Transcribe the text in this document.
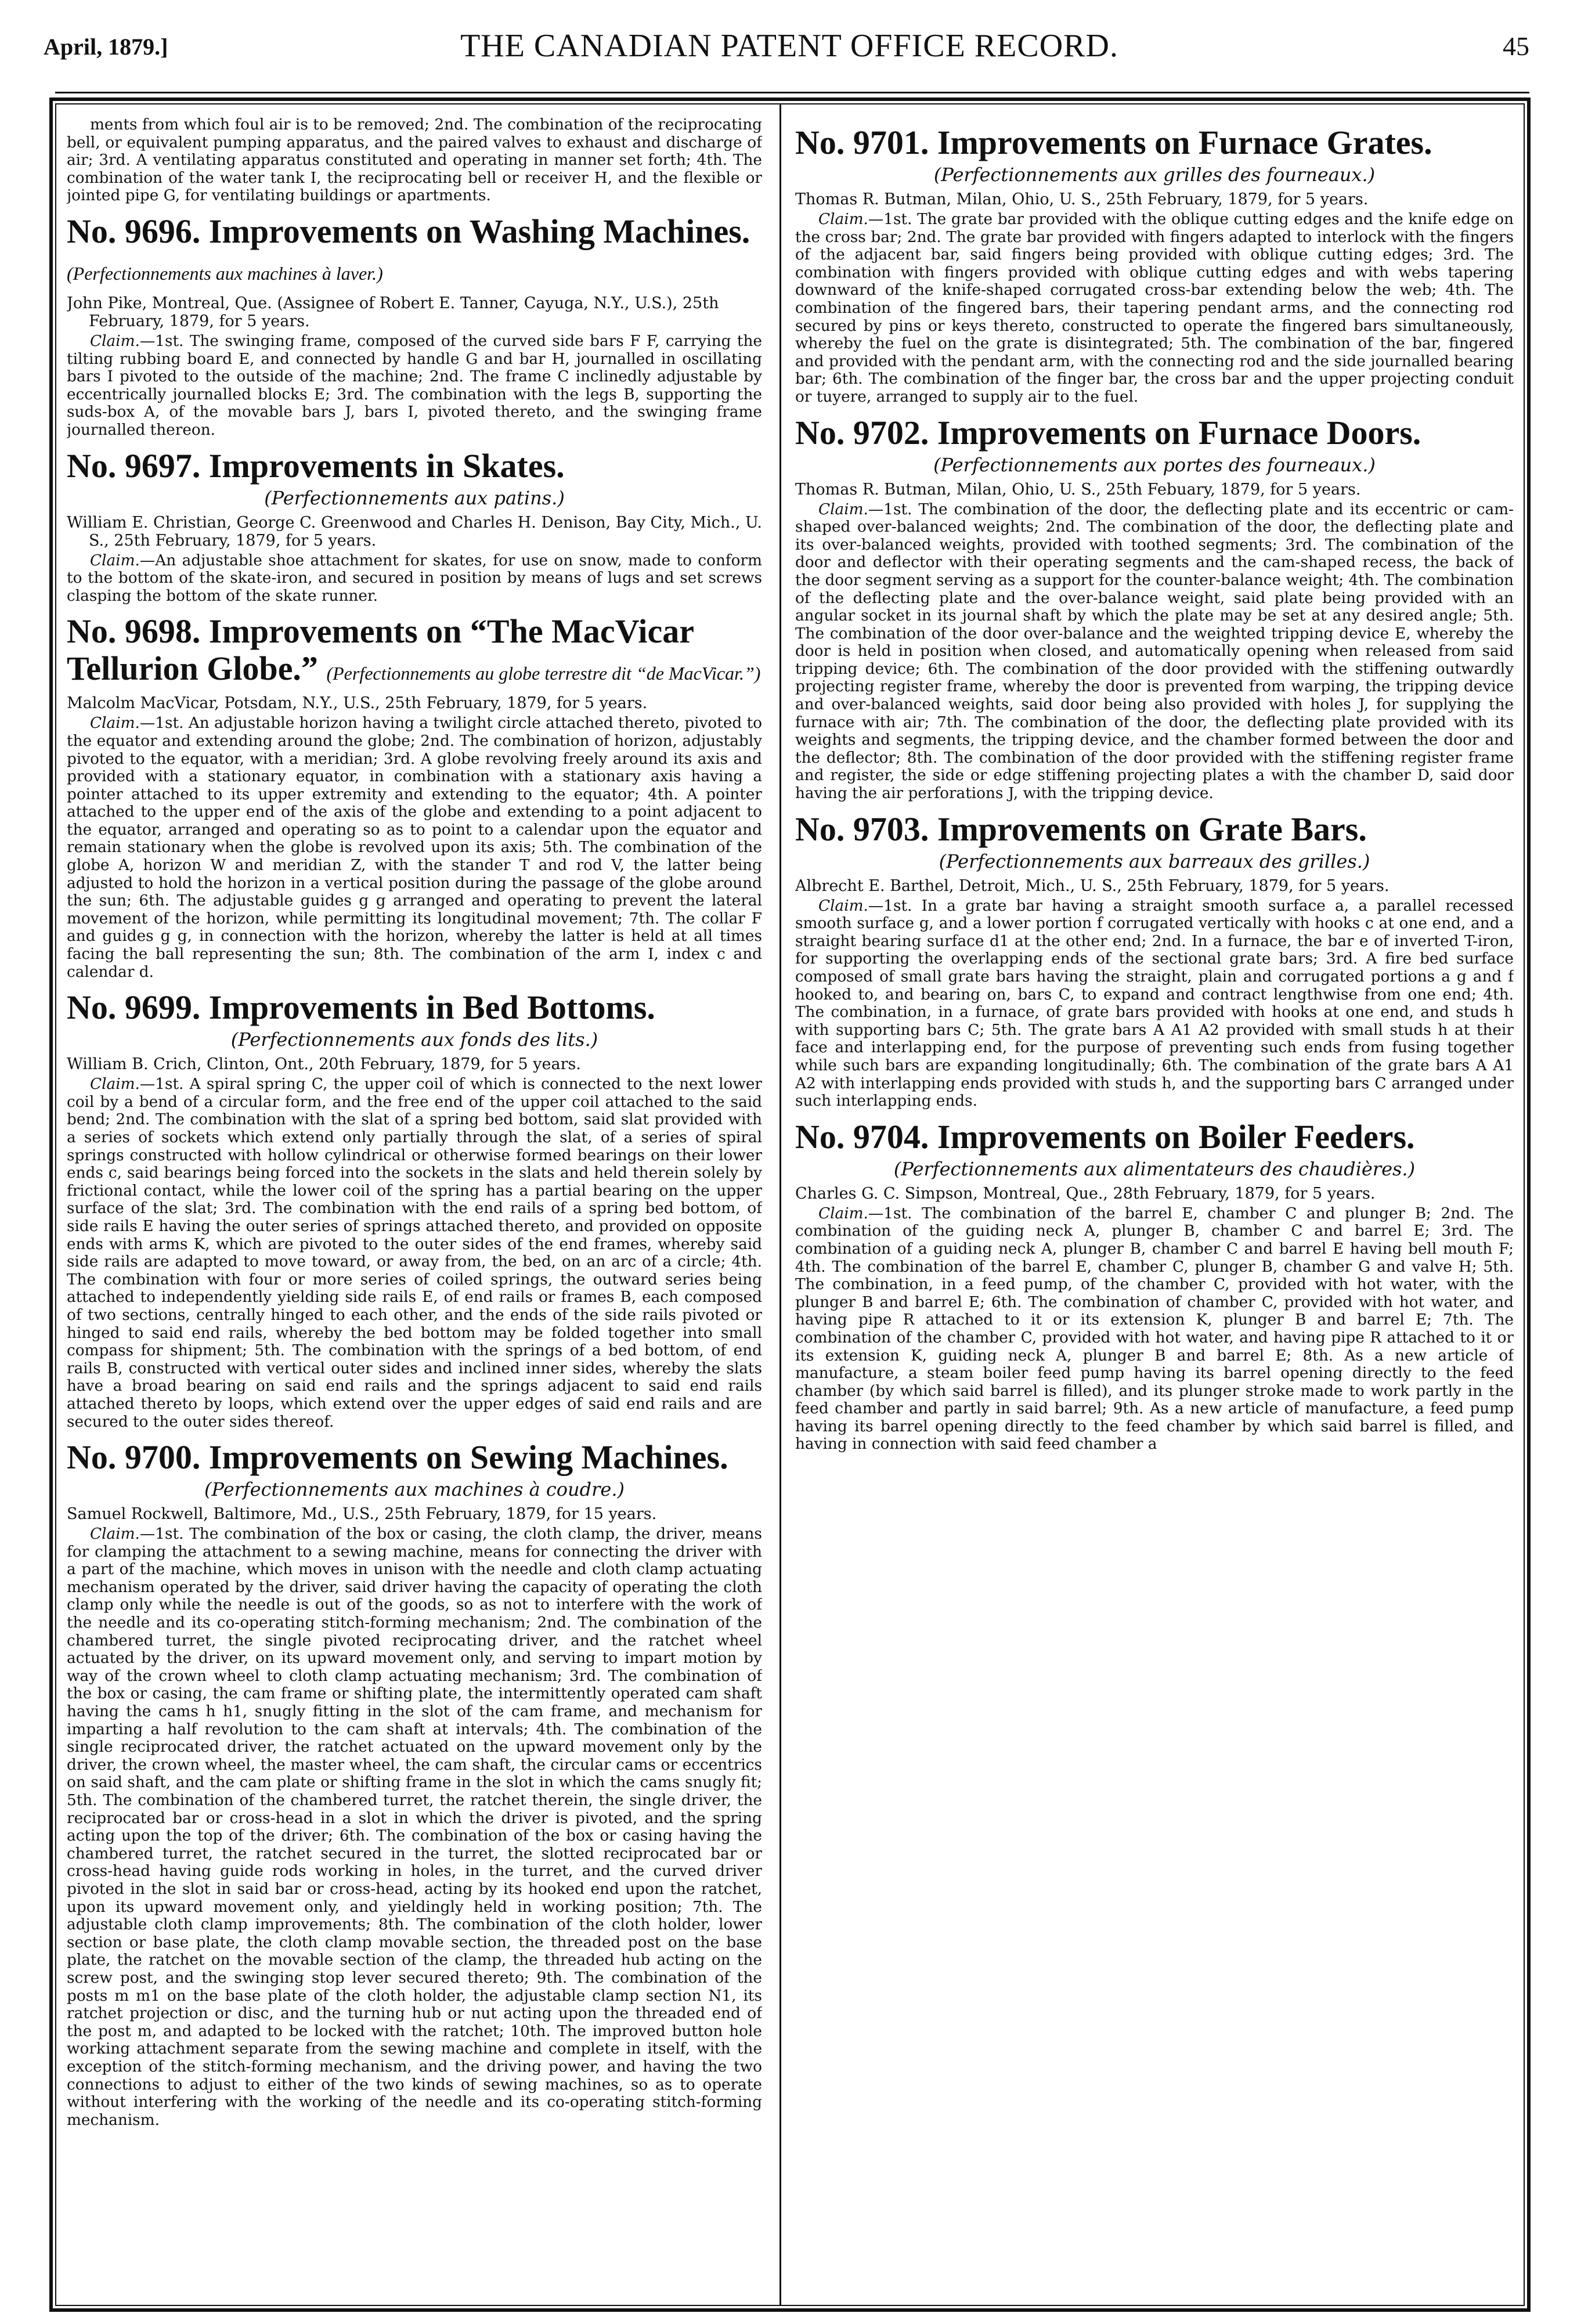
April, 1879.]	THE CANADIAN PATENT OFFICE RECORD.	45

ments from which foul air is to be removed; 2nd. The combination of the reciprocating bell, or equivalent pumping apparatus, and the paired valves to exhaust and discharge of air; 3rd. A ventilating apparatus constituted and operating in manner set forth; 4th. The combination of the water tank I, the reciprocating bell or receiver H, and the flexible or jointed pipe G, for ventilating buildings or apartments.

No. 9696. Improvements on Washing Machines. (Perfectionnements aux machines à laver.)

John Pike, Montreal, Que. (Assignee of Robert E. Tanner, Cayuga, N.Y., U.S.), 25th February, 1879, for 5 years.

Claim.—1st. The swinging frame, composed of the curved side bars F F, carrying the tilting rubbing board E, and connected by handle G and bar H, journalled in oscillating bars I pivoted to the outside of the machine; 2nd. The frame C inclinedly adjustable by eccentrically journalled blocks E; 3rd. The combination with the legs B, supporting the suds-box A, of the movable bars J, bars I, pivoted thereto, and the swinging frame journalled thereon.

No. 9697. Improvements in Skates.
(Perfectionnements aux patins.)

William E. Christian, George C. Greenwood and Charles H. Denison, Bay City, Mich., U. S., 25th February, 1879, for 5 years.

Claim.—An adjustable shoe attachment for skates, for use on snow, made to conform to the bottom of the skate-iron, and secured in position by means of lugs and set screws clasping the bottom of the skate runner.

No. 9698. Improvements on “The MacVicar Tellurion Globe.” (Perfectionnements au globe terrestre dit “de MacVicar.”)

Malcolm MacVicar, Potsdam, N.Y., U.S., 25th February, 1879, for 5 years.

Claim.—1st. An adjustable horizon having a twilight circle attached thereto, pivoted to the equator and extending around the globe; 2nd. The combination of horizon, adjustably pivoted to the equator, with a meridian; 3rd. A globe revolving freely around its axis and provided with a stationary equator, in combination with a stationary axis having a pointer attached to its upper extremity and extending to the equator; 4th. A pointer attached to the upper end of the axis of the globe and extending to a point adjacent to the equator, arranged and operating so as to point to a calendar upon the equator and remain stationary when the globe is revolved upon its axis; 5th. The combination of the globe A, horizon W and meridian Z, with the stander T and rod V, the latter being adjusted to hold the horizon in a vertical position during the passage of the globe around the sun; 6th. The adjustable guides g g arranged and operating to prevent the lateral movement of the horizon, while permitting its longitudinal movement; 7th. The collar F and guides g g, in connection with the horizon, whereby the latter is held at all times facing the ball representing the sun; 8th. The combination of the arm I, index c and calendar d.

No. 9699. Improvements in Bed Bottoms.
(Perfectionnements aux fonds des lits.)

William B. Crich, Clinton, Ont., 20th February, 1879, for 5 years.

Claim.—1st. A spiral spring C, the upper coil of which is connected to the next lower coil by a bend of a circular form, and the free end of the upper coil attached to the said bend; 2nd. The combination with the slat of a spring bed bottom, said slat provided with a series of sockets which extend only partially through the slat, of a series of spiral springs constructed with hollow cylindrical or otherwise formed bearings on their lower ends c, said bearings being forced into the sockets in the slats and held therein solely by frictional contact, while the lower coil of the spring has a partial bearing on the upper surface of the slat; 3rd. The combination with the end rails of a spring bed bottom, of side rails E having the outer series of springs attached thereto, and provided on opposite ends with arms K, which are pivoted to the outer sides of the end frames, whereby said side rails are adapted to move toward, or away from, the bed, on an arc of a circle; 4th. The combination with four or more series of coiled springs, the outward series being attached to independently yielding side rails E, of end rails or frames B, each composed of two sections, centrally hinged to each other, and the ends of the side rails pivoted or hinged to said end rails, whereby the bed bottom may be folded together into small compass for shipment; 5th. The combination with the springs of a bed bottom, of end rails B, constructed with vertical outer sides and inclined inner sides, whereby the slats have a broad bearing on said end rails and the springs adjacent to said end rails attached thereto by loops, which extend over the upper edges of said end rails and are secured to the outer sides thereof.

No. 9700. Improvements on Sewing Machines.
(Perfectionnements aux machines à coudre.)

Samuel Rockwell, Baltimore, Md., U.S., 25th February, 1879, for 15 years.

Claim.—1st. The combination of the box or casing, the cloth clamp, the driver, means for clamping the attachment to a sewing machine, means for connecting the driver with a part of the machine, which moves in unison with the needle and cloth clamp actuating mechanism operated by the driver, said driver having the capacity of operating the cloth clamp only while the needle is out of the goods, so as not to interfere with the work of the needle and its co-operating stitch-forming mechanism; 2nd. The combination of the chambered turret, the single pivoted reciprocating driver, and the ratchet wheel actuated by the driver, on its upward movement only, and serving to impart motion by way of the crown wheel to cloth clamp actuating mechanism; 3rd. The combination of the box or casing, the cam frame or shifting plate, the intermittently operated cam shaft having the cams h h1, snugly fitting in the slot of the cam frame, and mechanism for imparting a half revolution to the cam shaft at intervals; 4th. The combination of the single reciprocated driver, the ratchet actuated on the upward movement only by the driver, the crown wheel, the master wheel, the cam shaft, the circular cams or eccentrics on said shaft, and the cam plate or shifting frame in the slot in which the cams snugly fit; 5th. The combination of the chambered turret, the ratchet therein, the single driver, the reciprocated bar or cross-head in a slot in which the driver is pivoted, and the spring acting upon the top of the driver; 6th. The combination of the box or casing having the chambered turret, the ratchet secured in the turret, the slotted reciprocated bar or cross-head having guide rods working in holes, in the turret, and the curved driver pivoted in the slot in said bar or cross-head, acting by its hooked end upon the ratchet, upon its upward movement only, and yieldingly held in working position; 7th. The adjustable cloth clamp improvements; 8th. The combination of the cloth holder, lower section or base plate, the cloth clamp movable section, the threaded post on the base plate, the ratchet on the movable section of the clamp, the threaded hub acting on the screw post, and the swinging stop lever secured thereto; 9th. The combination of the posts m m1 on the base plate of the cloth holder, the adjustable clamp section N1, its ratchet projection or disc, and the turning hub or nut acting upon the threaded end of the post m, and adapted to be locked with the ratchet; 10th. The improved button hole working attachment separate from the sewing machine and complete in itself, with the exception of the stitch-forming mechanism, and the driving power, and having the two connections to adjust to either of the two kinds of sewing machines, so as to operate without interfering with the working of the needle and its co-operating stitch-forming mechanism.

No. 9701. Improvements on Furnace Grates.
(Perfectionnements aux grilles des fourneaux.)

Thomas R. Butman, Milan, Ohio, U. S., 25th February, 1879, for 5 years.

Claim.—1st. The grate bar provided with the oblique cutting edges and the knife edge on the cross bar; 2nd. The grate bar provided with fingers adapted to interlock with the fingers of the adjacent bar, said fingers being provided with oblique cutting edges; 3rd. The combination with fingers provided with oblique cutting edges and with webs tapering downward of the knife-shaped corrugated cross-bar extending below the web; 4th. The combination of the fingered bars, their tapering pendant arms, and the connecting rod secured by pins or keys thereto, constructed to operate the fingered bars simultaneously, whereby the fuel on the grate is disintegrated; 5th. The combination of the bar, fingered and provided with the pendant arm, with the connecting rod and the side journalled bearing bar; 6th. The combination of the finger bar, the cross bar and the upper projecting conduit or tuyere, arranged to supply air to the fuel.

No. 9702. Improvements on Furnace Doors.
(Perfectionnements aux portes des fourneaux.)

Thomas R. Butman, Milan, Ohio, U. S., 25th Febuary, 1879, for 5 years.

Claim.—1st. The combination of the door, the deflecting plate and its eccentric or cam-shaped over-balanced weights; 2nd. The combination of the door, the deflecting plate and its over-balanced weights, provided with toothed segments; 3rd. The combination of the door and deflector with their operating segments and the cam-shaped recess, the back of the door segment serving as a support for the counter-balance weight; 4th. The combination of the deflecting plate and the over-balance weight, said plate being provided with an angular socket in its journal shaft by which the plate may be set at any desired angle; 5th. The combination of the door over-balance and the weighted tripping device E, whereby the door is held in position when closed, and automatically opening when released from said tripping device; 6th. The combination of the door provided with the stiffening outwardly projecting register frame, whereby the door is prevented from warping, the tripping device and over-balanced weights, said door being also provided with holes J, for supplying the furnace with air; 7th. The combination of the door, the deflecting plate provided with its weights and segments, the tripping device, and the chamber formed between the door and the deflector; 8th. The combination of the door provided with the stiffening register frame and register, the side or edge stiffening projecting plates a with the chamber D, said door having the air perforations J, with the tripping device.

No. 9703. Improvements on Grate Bars.
(Perfectionnements aux barreaux des grilles.)

Albrecht E. Barthel, Detroit, Mich., U. S., 25th February, 1879, for 5 years.

Claim.—1st. In a grate bar having a straight smooth surface a, a parallel recessed smooth surface g, and a lower portion f corrugated vertically with hooks c at one end, and a straight bearing surface d1 at the other end; 2nd. In a furnace, the bar e of inverted T-iron, for supporting the overlapping ends of the sectional grate bars; 3rd. A fire bed surface composed of small grate bars having the straight, plain and corrugated portions a g and f hooked to, and bearing on, bars C, to expand and contract lengthwise from one end; 4th. The combination, in a furnace, of grate bars provided with hooks at one end, and studs h with supporting bars C; 5th. The grate bars A A1 A2 provided with small studs h at their face and interlapping end, for the purpose of preventing such ends from fusing together while such bars are expanding longitudinally; 6th. The combination of the grate bars A A1 A2 with interlapping ends provided with studs h, and the supporting bars C arranged under such interlapping ends.

No. 9704. Improvements on Boiler Feeders.
(Perfectionnements aux alimentateurs des chaudières.)

Charles G. C. Simpson, Montreal, Que., 28th February, 1879, for 5 years.

Claim.—1st. The combination of the barrel E, chamber C and plunger B; 2nd. The combination of the guiding neck A, plunger B, chamber C and barrel E; 3rd. The combination of a guiding neck A, plunger B, chamber C and barrel E having bell mouth F; 4th. The combination of the barrel E, chamber C, plunger B, chamber G and valve H; 5th. The combination, in a feed pump, of the chamber C, provided with hot water, with the plunger B and barrel E; 6th. The combination of chamber C, provided with hot water, and having pipe R attached to it or its extension K, plunger B and barrel E; 7th. The combination of the chamber C, provided with hot water, and having pipe R attached to it or its extension K, guiding neck A, plunger B and barrel E; 8th. As a new article of manufacture, a steam boiler feed pump having its barrel opening directly to the feed chamber (by which said barrel is filled), and its plunger stroke made to work partly in the feed chamber and partly in said barrel; 9th. As a new article of manufacture, a feed pump having its barrel opening directly to the feed chamber by which said barrel is filled, and having in connection with said feed chamber a
